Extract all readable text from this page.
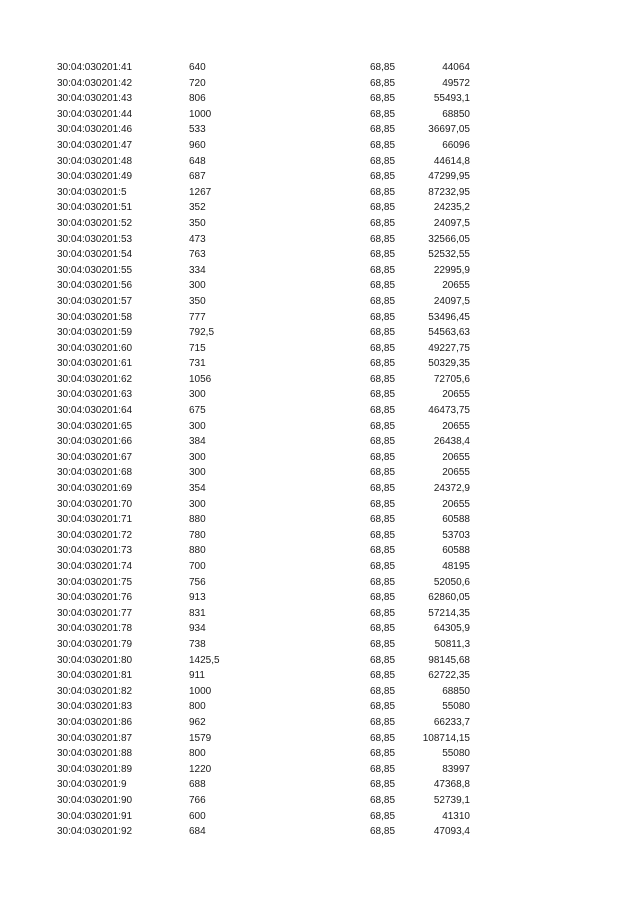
30:04:030201:41	640	68,85	44064
30:04:030201:42	720	68,85	49572
30:04:030201:43	806	68,85	55493,1
30:04:030201:44	1000	68,85	68850
30:04:030201:46	533	68,85	36697,05
30:04:030201:47	960	68,85	66096
30:04:030201:48	648	68,85	44614,8
30:04:030201:49	687	68,85	47299,95
30:04:030201:5	1267	68,85	87232,95
30:04:030201:51	352	68,85	24235,2
30:04:030201:52	350	68,85	24097,5
30:04:030201:53	473	68,85	32566,05
30:04:030201:54	763	68,85	52532,55
30:04:030201:55	334	68,85	22995,9
30:04:030201:56	300	68,85	20655
30:04:030201:57	350	68,85	24097,5
30:04:030201:58	777	68,85	53496,45
30:04:030201:59	792,5	68,85	54563,63
30:04:030201:60	715	68,85	49227,75
30:04:030201:61	731	68,85	50329,35
30:04:030201:62	1056	68,85	72705,6
30:04:030201:63	300	68,85	20655
30:04:030201:64	675	68,85	46473,75
30:04:030201:65	300	68,85	20655
30:04:030201:66	384	68,85	26438,4
30:04:030201:67	300	68,85	20655
30:04:030201:68	300	68,85	20655
30:04:030201:69	354	68,85	24372,9
30:04:030201:70	300	68,85	20655
30:04:030201:71	880	68,85	60588
30:04:030201:72	780	68,85	53703
30:04:030201:73	880	68,85	60588
30:04:030201:74	700	68,85	48195
30:04:030201:75	756	68,85	52050,6
30:04:030201:76	913	68,85	62860,05
30:04:030201:77	831	68,85	57214,35
30:04:030201:78	934	68,85	64305,9
30:04:030201:79	738	68,85	50811,3
30:04:030201:80	1425,5	68,85	98145,68
30:04:030201:81	911	68,85	62722,35
30:04:030201:82	1000	68,85	68850
30:04:030201:83	800	68,85	55080
30:04:030201:86	962	68,85	66233,7
30:04:030201:87	1579	68,85	108714,15
30:04:030201:88	800	68,85	55080
30:04:030201:89	1220	68,85	83997
30:04:030201:9	688	68,85	47368,8
30:04:030201:90	766	68,85	52739,1
30:04:030201:91	600	68,85	41310
30:04:030201:92	684	68,85	47093,4
